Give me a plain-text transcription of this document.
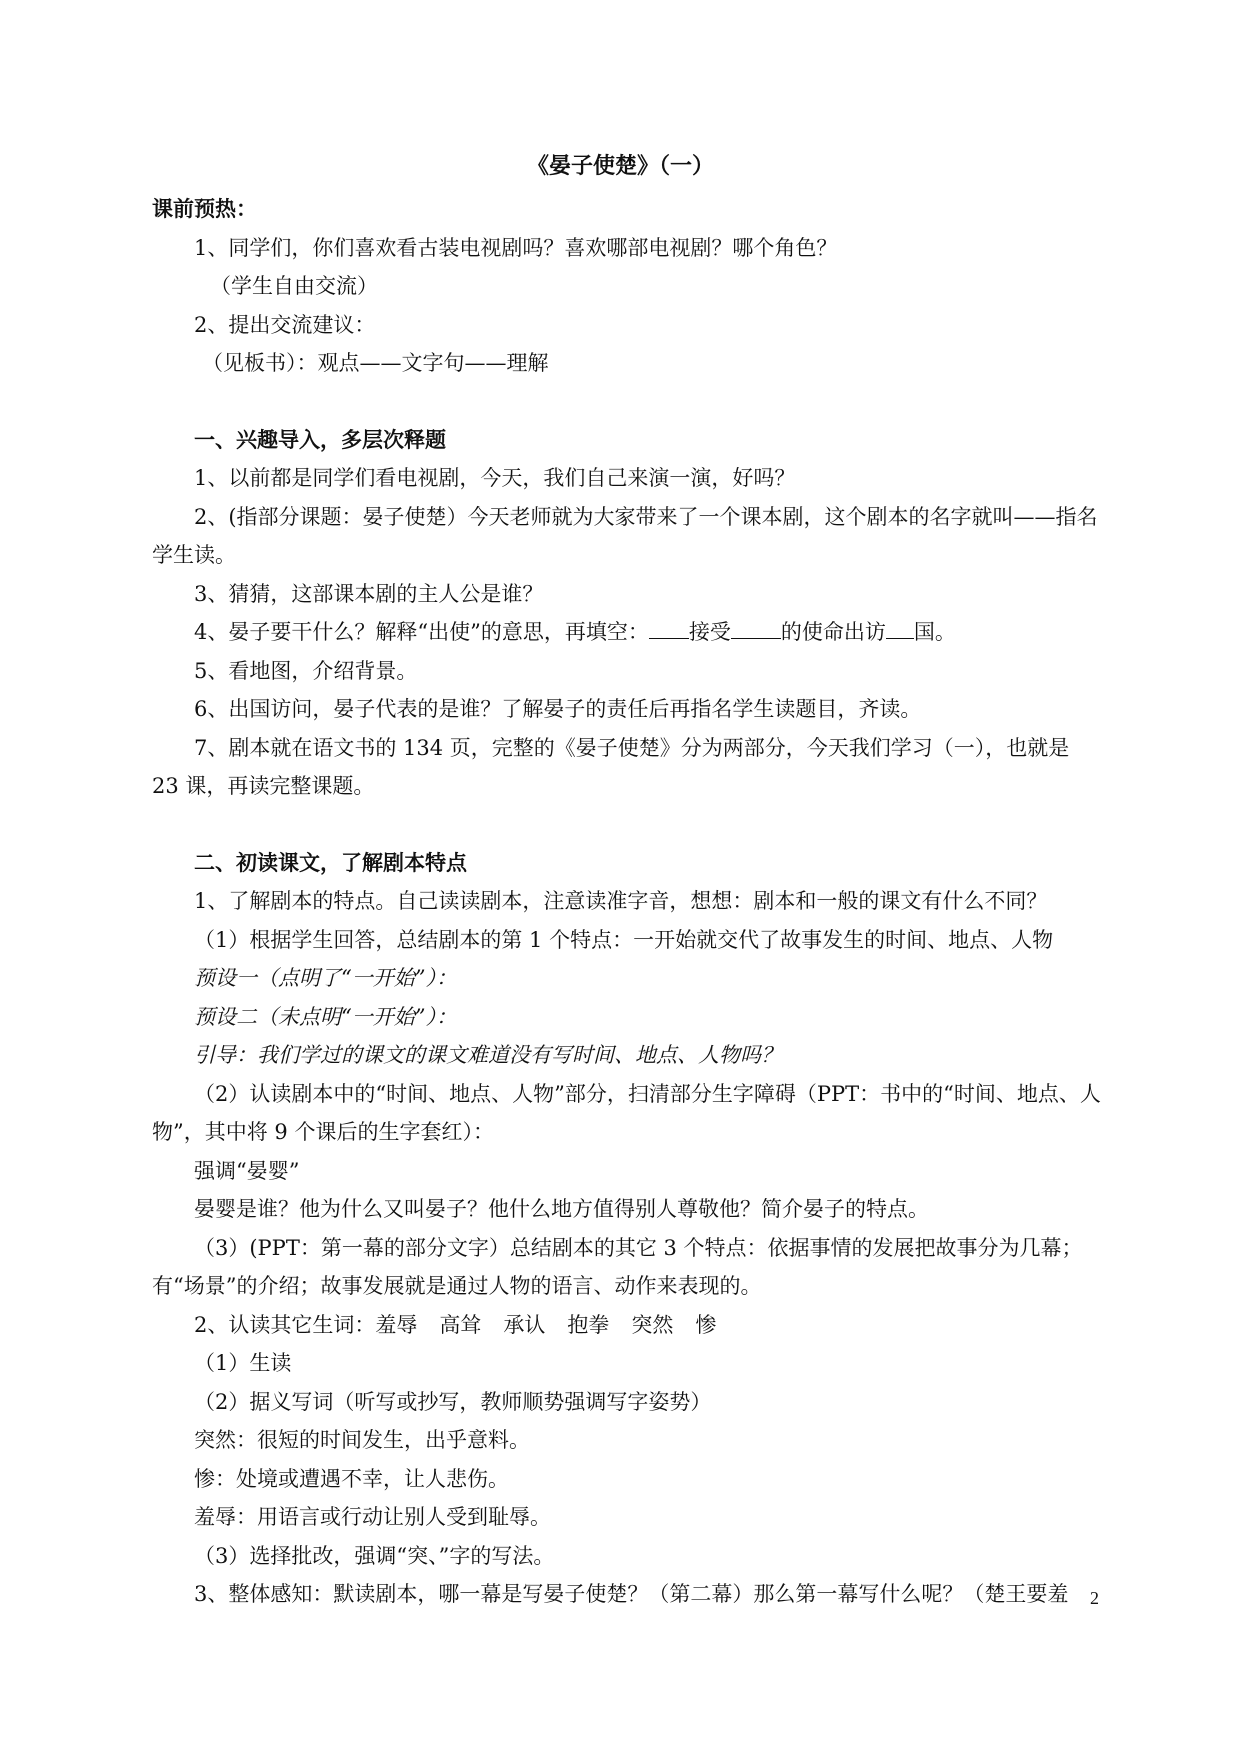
《晏子使楚》（一）

课前预热：

1、同学们，你们喜欢看古装电视剧吗？喜欢哪部电视剧？哪个角色？

（学生自由交流）

2、提出交流建议：

（见板书）：观点——文字句——理解

一、兴趣导入，多层次释题

1、以前都是同学们看电视剧，今天，我们自己来演一演，好吗？

2、(指部分课题：晏子使楚）今天老师就为大家带来了一个课本剧，这个剧本的名字就叫——指名学生读。

3、猜猜，这部课本剧的主人公是谁？

4、晏子要干什么？解释“出使”的意思，再填空： 接受 的使命出访 国。

5、看地图，介绍背景。

6、出国访问，晏子代表的是谁？了解晏子的责任后再指名学生读题目，齐读。

7、剧本就在语文书的 134 页，完整的《晏子使楚》分为两部分，今天我们学习（一），也就是 23 课，再读完整课题。

二、初读课文，了解剧本特点

1、了解剧本的特点。自己读读剧本，注意读准字音，想想：剧本和一般的课文有什么不同？

（1）根据学生回答，总结剧本的第 1 个特点：一开始就交代了故事发生的时间、地点、人物

预设一（点明了“一开始”）：

预设二（未点明“一开始”）：

引导：我们学过的课文的课文难道没有写时间、地点、人物吗？

（2）认读剧本中的“时间、地点、人物”部分，扫清部分生字障碍（PPT：书中的“时间、地点、人物”，其中将 9 个课后的生字套红）：

强调“晏婴”

晏婴是谁？他为什么又叫晏子？他什么地方值得别人尊敬他？简介晏子的特点。

（3）(PPT：第一幕的部分文字）总结剧本的其它 3 个特点：依据事情的发展把故事分为几幕；有“场景”的介绍；故事发展就是通过人物的语言、动作来表现的。

2、认读其它生词：羞辱 高耸 承认 抱拳 突然 惨

（1）生读

（2）据义写词（听写或抄写，教师顺势强调写字姿势）

突然：很短的时间发生，出乎意料。

惨：处境或遭遇不幸，让人悲伤。

羞辱：用语言或行动让别人受到耻辱。

（3）选择批改，强调“突、”字的写法。

3、整体感知：默读剧本，哪一幕是写晏子使楚？（第二幕）那么第一幕写什么呢？（楚王要羞	2
